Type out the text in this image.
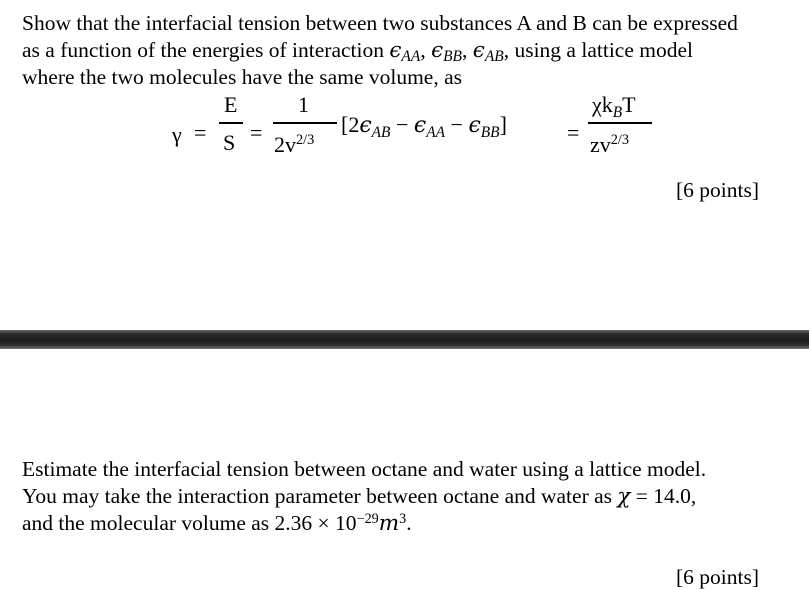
Show that the interfacial tension between two substances A and B can be expressed
as a function of the energies of interaction $\epsilon_{AA}$, $\epsilon_{BB}$, $\epsilon_{AB}$, using a lattice model
where the two molecules have the same volume, as
γ =
E
S =
1
$2v^{2/3}$
$[2\epsilon_{AB} - \epsilon_{AA} - \epsilon_{BB}]$	=
$\chi k_BT$
$zv^{2/3}$
[6 points]
Estimate the interfacial tension between octane and water using a lattice model.
You may take the interaction parameter between octane and water as χ = 14.0,
and the molecular volume as $2.36 \times 10^{-29}m^3$.
[6 points]
